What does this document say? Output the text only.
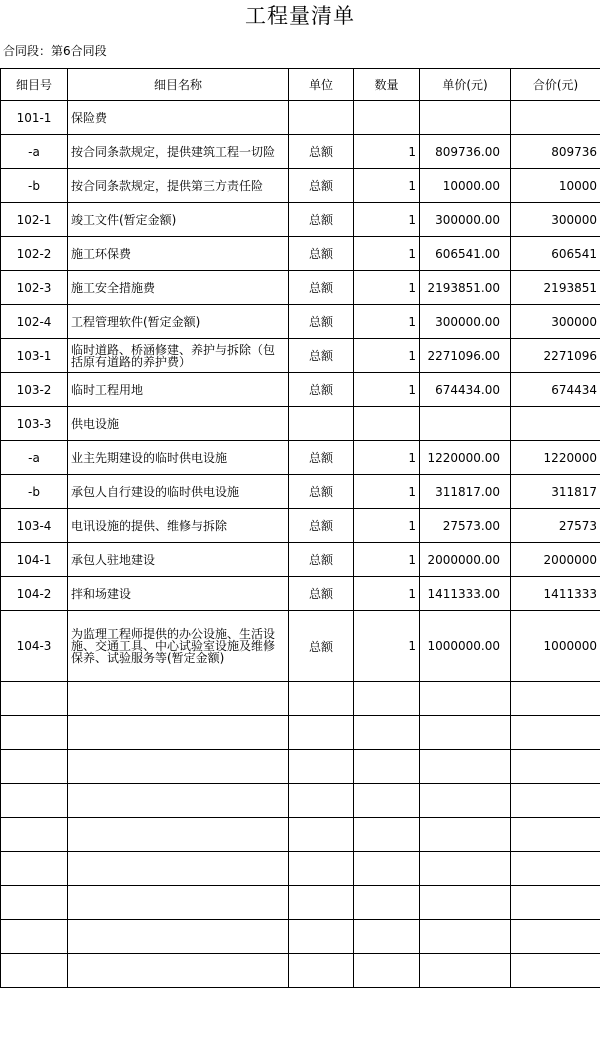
工程量清单
合同段：第6合同段
细目号	细目名称	单位	数量	单价(元)	合价(元)
101-1	保险费				
-a	按合同条款规定，提供建筑工程一切险	总额	1	809736.00	809736
-b	按合同条款规定，提供第三方责任险	总额	1	10000.00	10000
102-1	竣工文件(暂定金额)	总额	1	300000.00	300000
102-2	施工环保费	总额	1	606541.00	606541
102-3	施工安全措施费	总额	1	2193851.00	2193851
102-4	工程管理软件(暂定金额)	总额	1	300000.00	300000
103-1	临时道路、桥涵修建、养护与拆除（包括原有道路的养护费）	总额	1	2271096.00	2271096
103-2	临时工程用地	总额	1	674434.00	674434
103-3	供电设施				
-a	业主先期建设的临时供电设施	总额	1	1220000.00	1220000
-b	承包人自行建设的临时供电设施	总额	1	311817.00	311817
103-4	电讯设施的提供、维修与拆除	总额	1	27573.00	27573
104-1	承包人驻地建设	总额	1	2000000.00	2000000
104-2	拌和场建设	总额	1	1411333.00	1411333
104-3	为监理工程师提供的办公设施、生活设施、交通工具、中心试验室设施及维修保养、试验服务等(暂定金额)	总额	1	1000000.00	1000000
